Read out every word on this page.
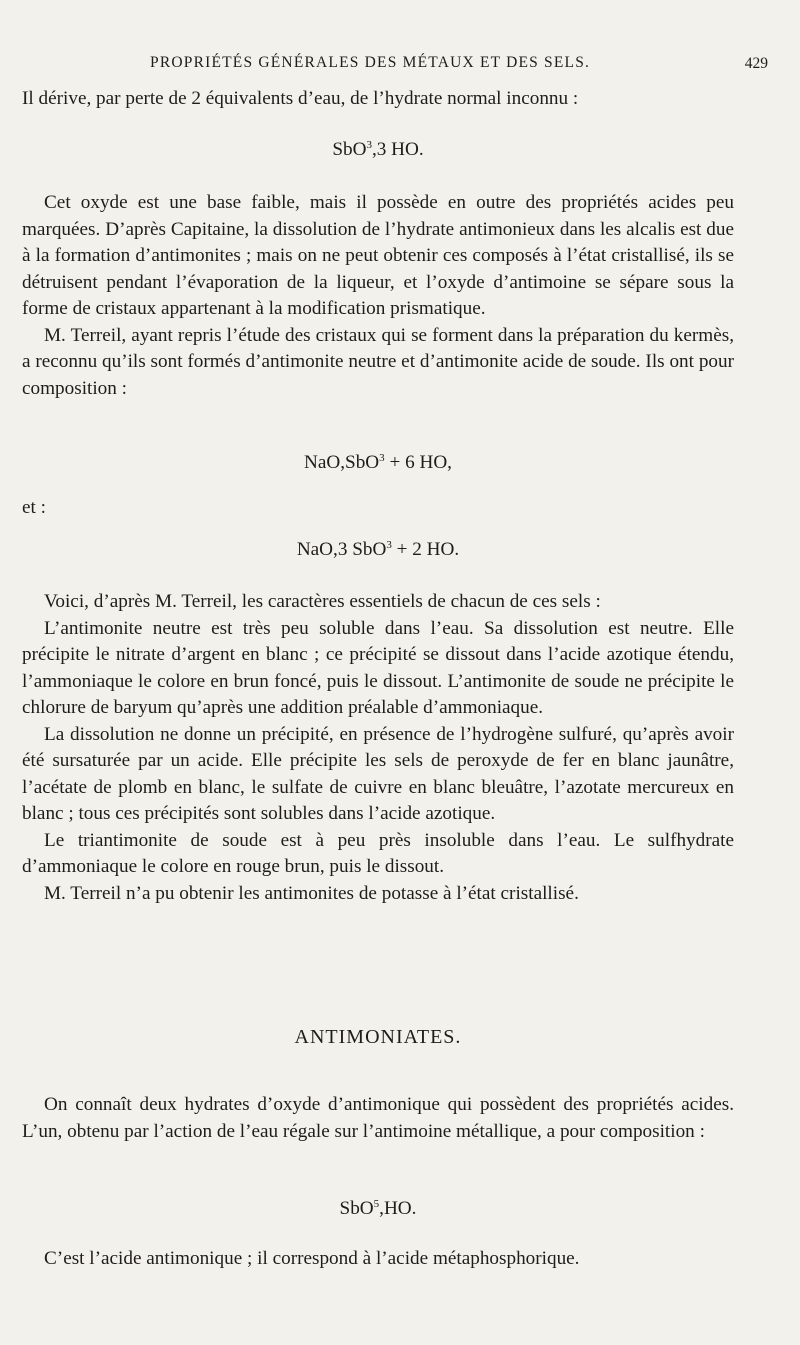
PROPRIÉTÉS GÉNÉRALES DES MÉTAUX ET DES SELS.	429

Il dérive, par perte de 2 équivalents d’eau, de l’hydrate normal inconnu :

SbO$^3$,3 HO.

Cet oxyde est une base faible, mais il possède en outre des propriétés acides peu marquées. D’après Capitaine, la dissolution de l’hydrate antimonieux dans les alcalis est due à la formation d’antimonites ; mais on ne peut obtenir ces composés à l’état cristallisé, ils se détruisent pendant l’évaporation de la liqueur, et l’oxyde d’antimoine se sépare sous la forme de cristaux appartenant à la modification prismatique.

M. Terreil, ayant repris l’étude des cristaux qui se forment dans la préparation du kermès, a reconnu qu’ils sont formés d’antimonite neutre et d’antimonite acide de soude. Ils ont pour composition :

NaO,SbO$^3$ + 6 HO,
et :
NaO,3 SbO$^3$ + 2 HO.

Voici, d’après M. Terreil, les caractères essentiels de chacun de ces sels :

L’antimonite neutre est très peu soluble dans l’eau. Sa dissolution est neutre. Elle précipite le nitrate d’argent en blanc ; ce précipité se dissout dans l’acide azotique étendu, l’ammoniaque le colore en brun foncé, puis le dissout. L’antimonite de soude ne précipite le chlorure de baryum qu’après une addition préalable d’ammoniaque.

La dissolution ne donne un précipité, en présence de l’hydrogène sulfuré, qu’après avoir été sursaturée par un acide. Elle précipite les sels de peroxyde de fer en blanc jaunâtre, l’acétate de plomb en blanc, le sulfate de cuivre en blanc bleuâtre, l’azotate mercureux en blanc ; tous ces précipités sont solubles dans l’acide azotique.

Le triantimonite de soude est à peu près insoluble dans l’eau. Le sulfhydrate d’ammoniaque le colore en rouge brun, puis le dissout.

M. Terreil n’a pu obtenir les antimonites de potasse à l’état cristallisé.

ANTIMONIATES.

On connaît deux hydrates d’oxyde d’antimonique qui possèdent des propriétés acides. L’un, obtenu par l’action de l’eau régale sur l’antimoine métallique, a pour composition :

SbO$^5$,HO.

C’est l’acide antimonique ; il correspond à l’acide métaphosphorique.
